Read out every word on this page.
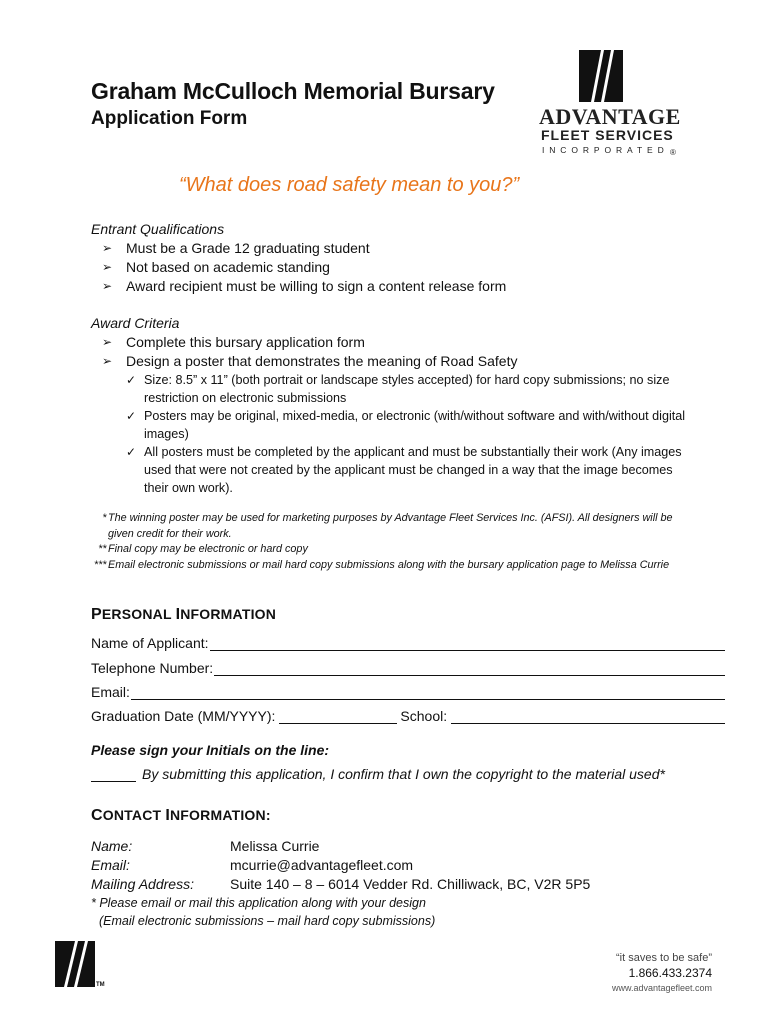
Graham McCulloch Memorial Bursary
Application Form	ADVANTAGE
FLEET SERVICES
INCORPORATED ®
“What does road safety mean to you?”
Entrant Qualifications
➢ Must be a Grade 12 graduating student
➢ Not based on academic standing
➢ Award recipient must be willing to sign a content release form
Award Criteria
➢ Complete this bursary application form
➢ Design a poster that demonstrates the meaning of Road Safety
✓ Size: 8.5” x 11” (both portrait or landscape styles accepted) for hard copy submissions; no size restriction on electronic submissions
✓ Posters may be original, mixed-media, or electronic (with/without software and with/without digital images)
✓ All posters must be completed by the applicant and must be substantially their work (Any images used that were not created by the applicant must be changed in a way that the image becomes their own work).
* The winning poster may be used for marketing purposes by Advantage Fleet Services Inc. (AFSI). All designers will be given credit for their work.
** Final copy may be electronic or hard copy
*** Email electronic submissions or mail hard copy submissions along with the bursary application page to Melissa Currie
PERSONAL INFORMATION
Name of Applicant:
Telephone Number:
Email:
Graduation Date (MM/YYYY):	School:
Please sign your Initials on the line:
By submitting this application, I confirm that I own the copyright to the material used*
CONTACT INFORMATION:
Name:	Melissa Currie
Email:	mcurrie@advantagefleet.com
Mailing Address:	Suite 140 – 8 – 6014 Vedder Rd. Chilliwack, BC, V2R 5P5
* Please email or mail this application along with your design
(Email electronic submissions – mail hard copy submissions)
TM
“it saves to be safe”
1.866.433.2374
www.advantagefleet.com
